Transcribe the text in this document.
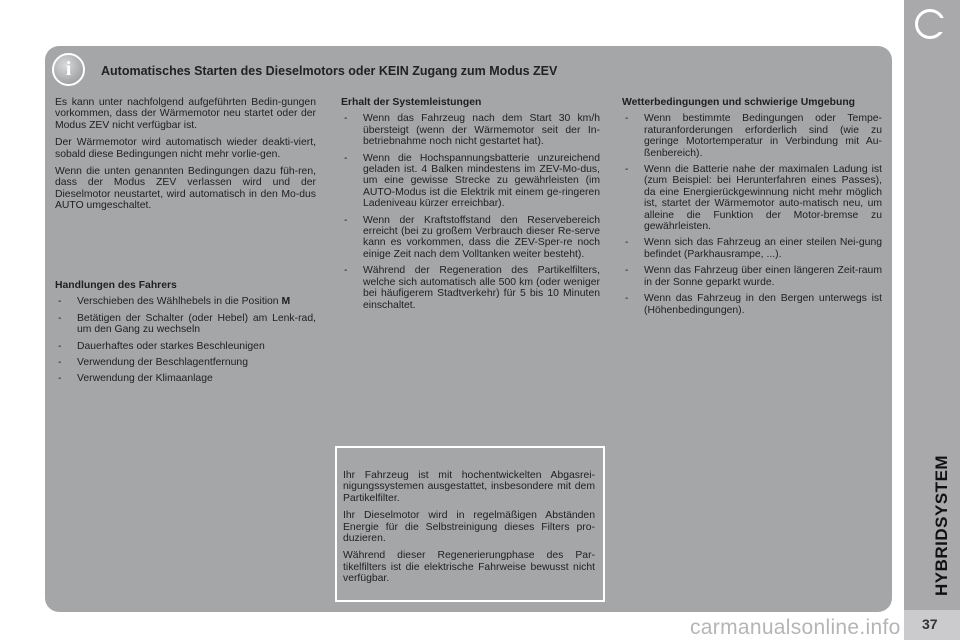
HYBRIDSYSTEM
37
i	Automatisches Starten des Dieselmotors oder KEIN Zugang zum Modus ZEV

Es kann unter nachfolgend aufgeführten Bedin-gungen vorkommen, dass der Wärmemotor neu startet oder der Modus ZEV nicht verfügbar ist.

Der Wärmemotor wird automatisch wieder deakti-viert, sobald diese Bedingungen nicht mehr vorlie-gen.

Wenn die unten genannten Bedingungen dazu füh-ren, dass der Modus ZEV verlassen wird und der Dieselmotor neustartet, wird automatisch in den Mo-dus AUTO umgeschaltet.

Handlungen des Fahrers
- Verschieben des Wählhebels in die Position M
- Betätigen der Schalter (oder Hebel) am Lenk-rad, um den Gang zu wechseln
- Dauerhaftes oder starkes Beschleunigen
- Verwendung der Beschlagentfernung
- Verwendung der Klimaanlage
Erhalt der Systemleistungen
- Wenn das Fahrzeug nach dem Start 30 km/h übersteigt (wenn der Wärmemotor seit der In-betriebnahme noch nicht gestartet hat).
- Wenn die Hochspannungsbatterie unzureichend geladen ist. 4 Balken mindestens im ZEV-Mo-dus, um eine gewisse Strecke zu gewährleisten (im AUTO-Modus ist die Elektrik mit einem ge-ringeren Ladeniveau kürzer erreichbar).
- Wenn der Kraftstoffstand den Reservebereich erreicht (bei zu großem Verbrauch dieser Re-serve kann es vorkommen, dass die ZEV-Sper-re noch einige Zeit nach dem Volltanken weiter besteht).
- Während der Regeneration des Partikelfilters, welche sich automatisch alle 500 km (oder weniger bei häufigerem Stadtverkehr) für 5 bis 10 Minuten einschaltet.
Wetterbedingungen und schwierige Umgebung
- Wenn bestimmte Bedingungen oder Tempe-raturanforderungen erforderlich sind (wie zu geringe Motortemperatur in Verbindung mit Au-ßenbereich).
- Wenn die Batterie nahe der maximalen Ladung ist (zum Beispiel: bei Herunterfahren eines Passes), da eine Energierückgewinnung nicht mehr möglich ist, startet der Wärmemotor auto-matisch neu, um alleine die Funktion der Motor-bremse zu gewährleisten.
- Wenn sich das Fahrzeug an einer steilen Nei-gung befindet (Parkhausrampe, ...).
- Wenn das Fahrzeug über einen längeren Zeit-raum in der Sonne geparkt wurde.
- Wenn das Fahrzeug in den Bergen unterwegs ist (Höhenbedingungen).

Ihr Fahrzeug ist mit hochentwickelten Abgasrei-nigungssystemen ausgestattet, insbesondere mit dem Partikelfilter.

Ihr Dieselmotor wird in regelmäßigen Abständen Energie für die Selbstreinigung dieses Filters pro-duzieren.

Während dieser Regenerierungphase des Par-tikelfilters ist die elektrische Fahrweise bewusst nicht verfügbar.

carmanualsonline.info
